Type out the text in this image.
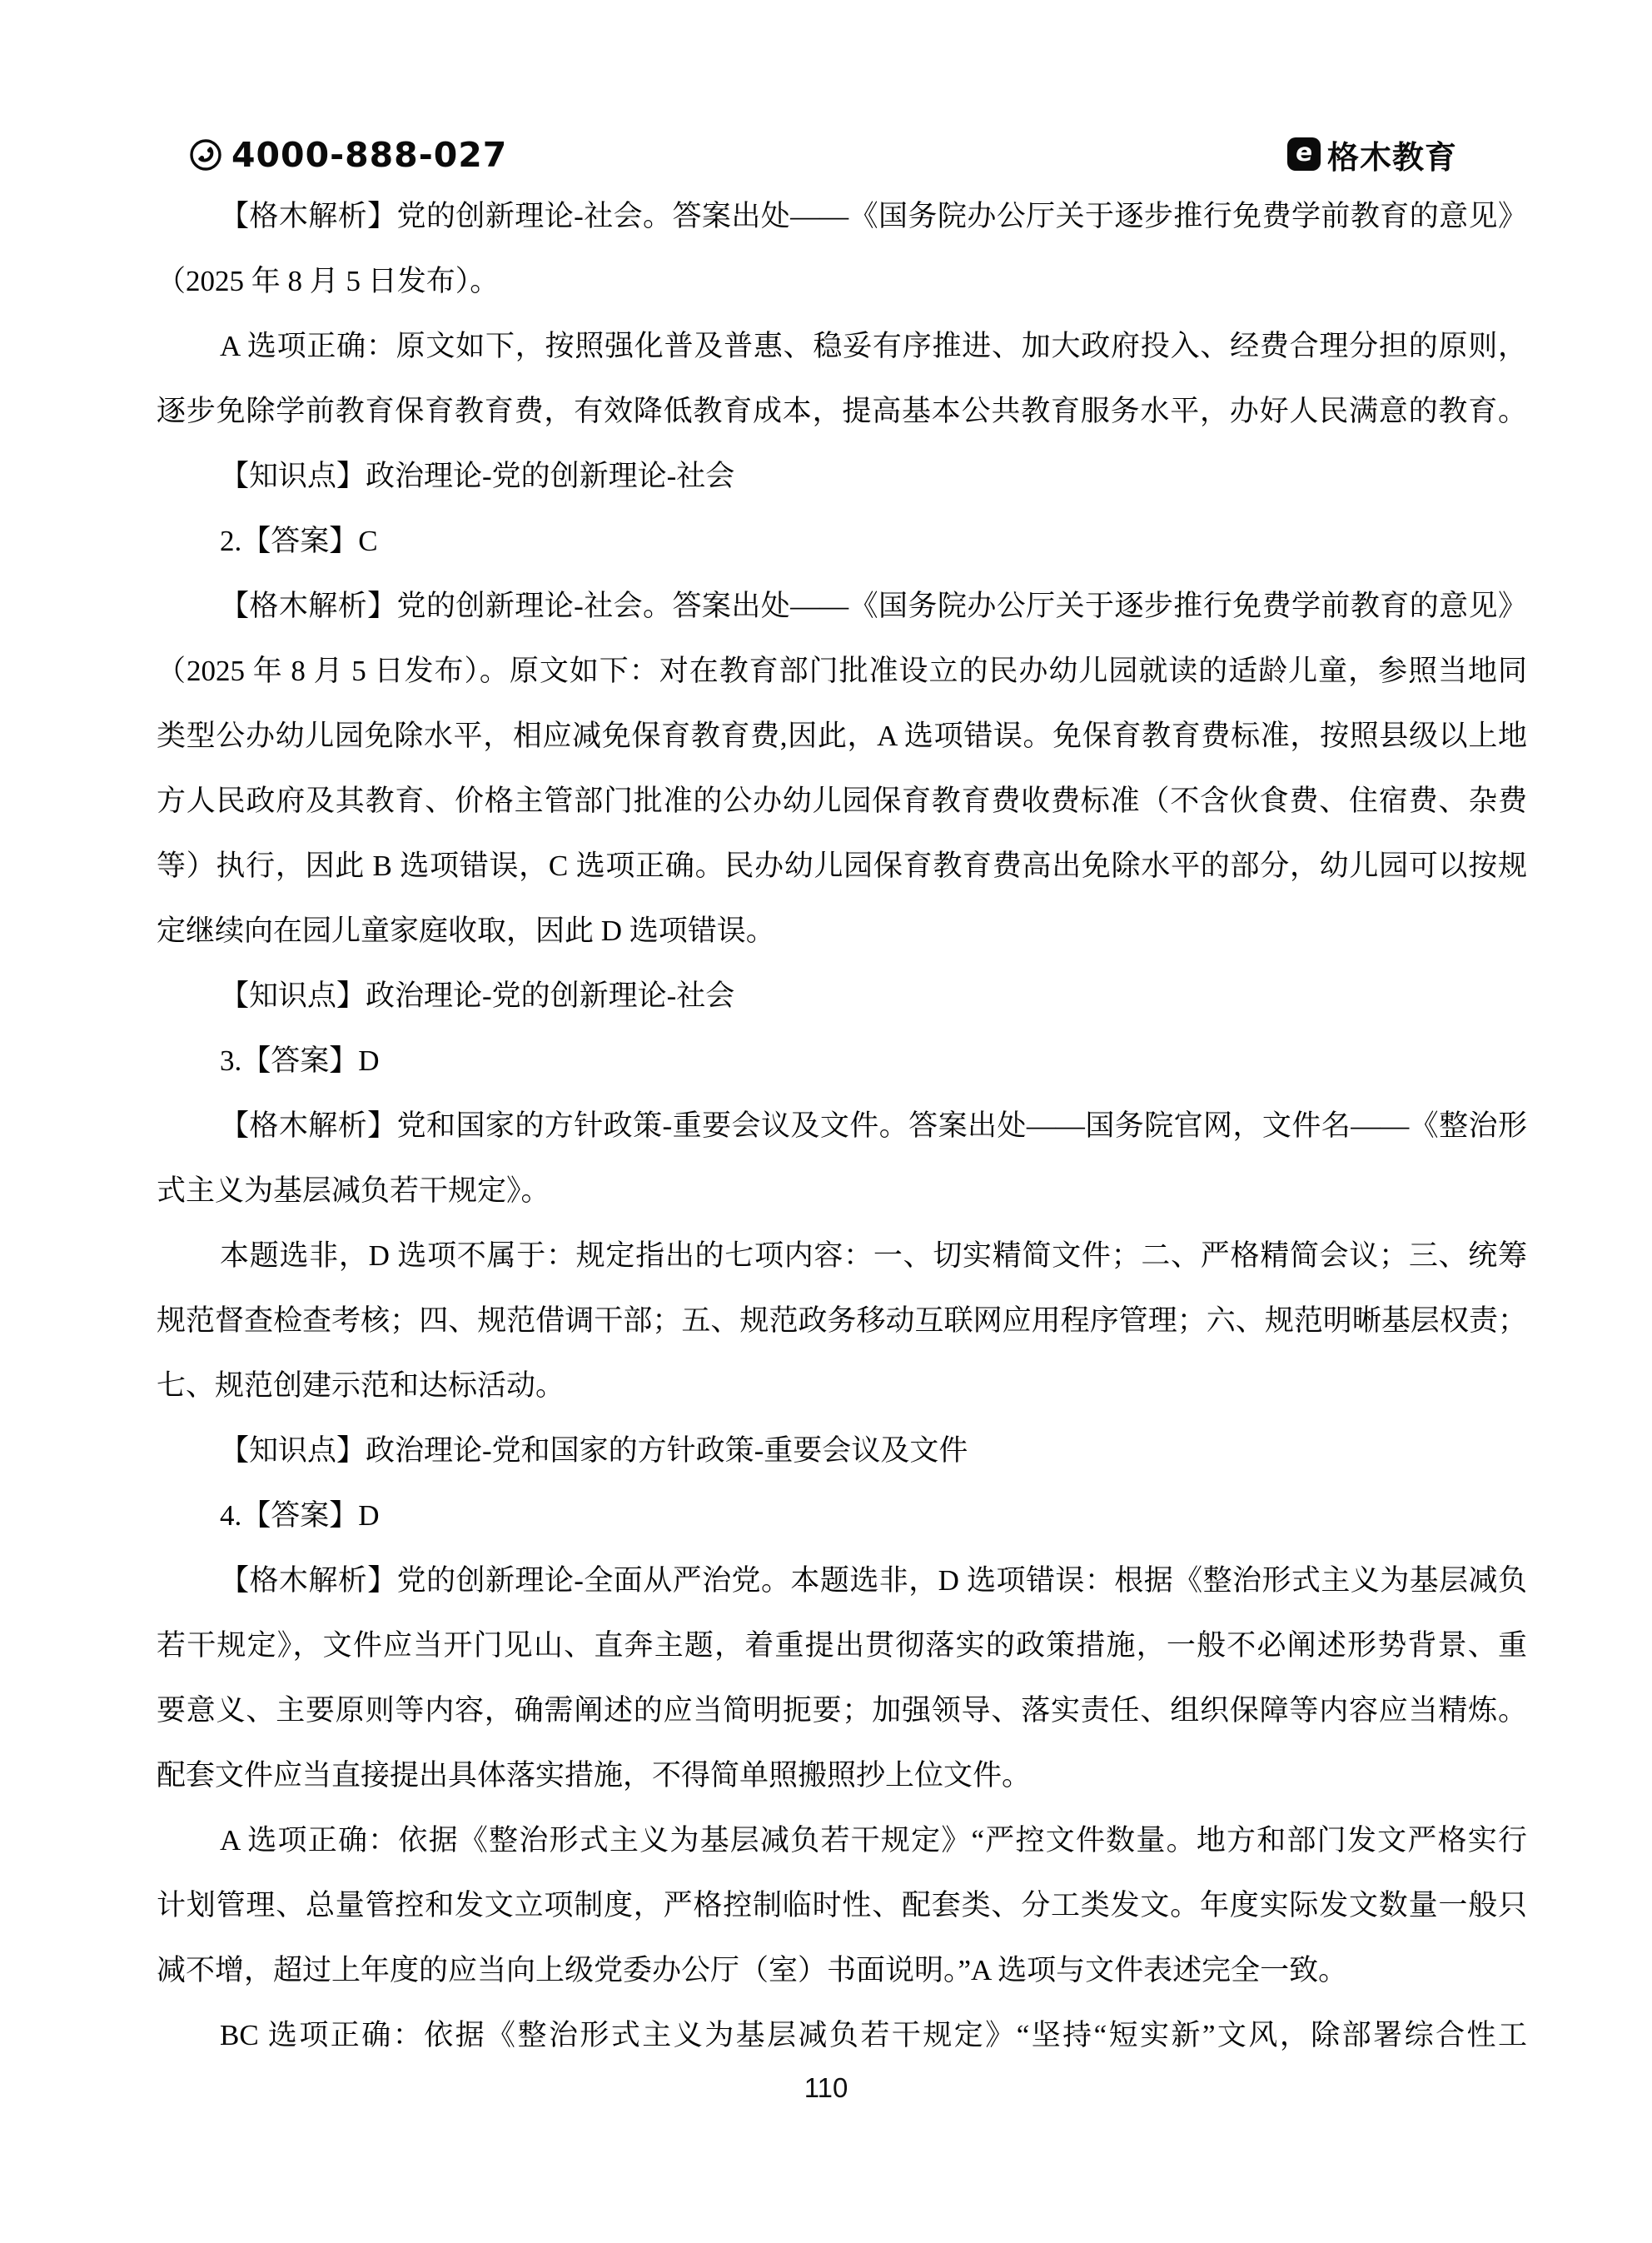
4000-888-027	e 格木教育
【格木解析】党的创新理论-社会。答案出处——《国务院办公厅关于逐步推行免费学前教育的意见》
（2025 年 8 月 5 日发布）。
A 选项正确：原文如下，按照强化普及普惠、稳妥有序推进、加大政府投入、经费合理分担的原则，
逐步免除学前教育保育教育费，有效降低教育成本，提高基本公共教育服务水平，办好人民满意的教育。
【知识点】政治理论-党的创新理论-社会
2.【答案】C
【格木解析】党的创新理论-社会。答案出处——《国务院办公厅关于逐步推行免费学前教育的意见》
（2025 年 8 月 5 日发布）。原文如下：对在教育部门批准设立的民办幼儿园就读的适龄儿童，参照当地同
类型公办幼儿园免除水平，相应减免保育教育费,因此，A 选项错误。免保育教育费标准，按照县级以上地
方人民政府及其教育、价格主管部门批准的公办幼儿园保育教育费收费标准（不含伙食费、住宿费、杂费
等）执行，因此 B 选项错误，C 选项正确。民办幼儿园保育教育费高出免除水平的部分，幼儿园可以按规
定继续向在园儿童家庭收取，因此 D 选项错误。
【知识点】政治理论-党的创新理论-社会
3.【答案】D
【格木解析】党和国家的方针政策-重要会议及文件。答案出处——国务院官网，文件名——《整治形
式主义为基层减负若干规定》。
本题选非，D 选项不属于：规定指出的七项内容：一、切实精简文件；二、严格精简会议；三、统筹
规范督查检查考核；四、规范借调干部；五、规范政务移动互联网应用程序管理；六、规范明晰基层权责；
七、规范创建示范和达标活动。
【知识点】政治理论-党和国家的方针政策-重要会议及文件
4.【答案】D
【格木解析】党的创新理论-全面从严治党。本题选非，D 选项错误：根据《整治形式主义为基层减负
若干规定》，文件应当开门见山、直奔主题，着重提出贯彻落实的政策措施，一般不必阐述形势背景、重
要意义、主要原则等内容，确需阐述的应当简明扼要；加强领导、落实责任、组织保障等内容应当精炼。
配套文件应当直接提出具体落实措施，不得简单照搬照抄上位文件。
A 选项正确：依据《整治形式主义为基层减负若干规定》“严控文件数量。地方和部门发文严格实行
计划管理、总量管控和发文立项制度，严格控制临时性、配套类、分工类发文。年度实际发文数量一般只
减不增，超过上年度的应当向上级党委办公厅（室）书面说明。”A 选项与文件表述完全一致。
BC 选项正确：依据《整治形式主义为基层减负若干规定》“坚持“短实新”文风，除部署综合性工
110
